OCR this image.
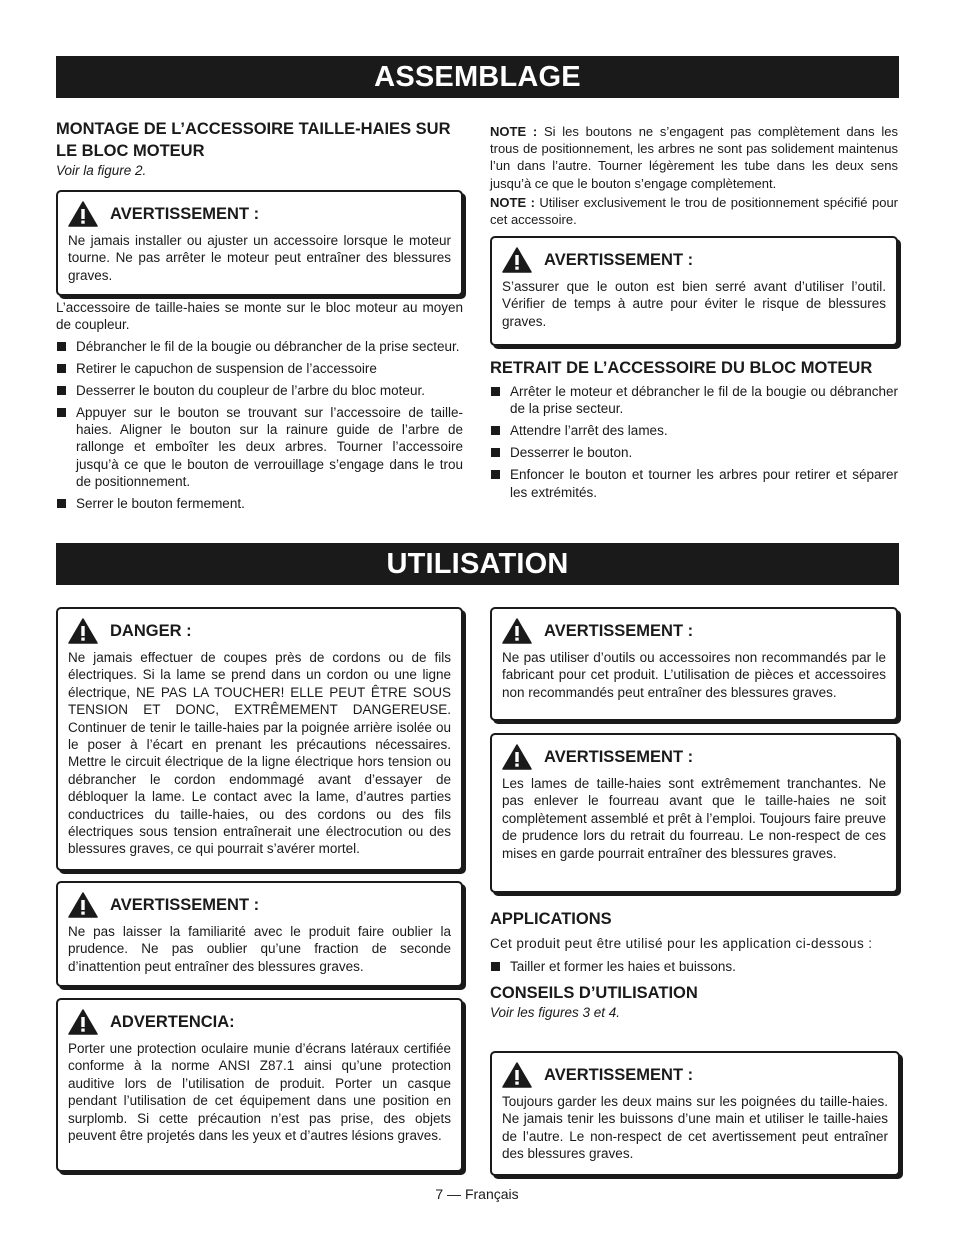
ASSEMBLAGE

MONTAGE DE L’ACCESSOIRE TAILLE-HAIES SUR LE BLOC MOTEUR

Voir la figure 2.

AVERTISSEMENT :

Ne jamais installer ou ajuster un accessoire lorsque le moteur tourne. Ne pas arrêter le moteur peut entraîner des blessures graves.

L’accessoire de taille-haies se monte sur le bloc moteur au moyen de coupleur.

Débrancher le fil de la bougie ou débrancher de la prise secteur.
Retirer le capuchon de suspension de l’accessoire
Desserrer le bouton du coupleur de l’arbre du bloc moteur.
Appuyer sur le bouton se trouvant sur l’accessoire de taille-haies. Aligner le bouton sur la rainure guide de l’arbre de rallonge et emboîter les deux arbres. Tourner l’accessoire jusqu’à ce que le bouton de verrouillage s’engage dans le trou de positionnement.
Serrer le bouton fermement.

NOTE : Si les boutons ne s’engagent pas complètement dans les trous de positionnement, les arbres ne sont pas solidement maintenus l’un dans l’autre. Tourner légèrement les tube dans les deux sens jusqu’à ce que le bouton s’engage complètement.

NOTE : Utiliser exclusivement le trou de positionnement spécifié pour cet accessoire.

AVERTISSEMENT :

S’assurer que le outon est bien serré avant d’utiliser l’outil. Vérifier de temps à autre pour éviter le risque de blessures graves.

RETRAIT DE L’ACCESSOIRE DU BLOC MOTEUR

Arrêter le moteur et débrancher le fil de la bougie ou débrancher de la prise secteur.
Attendre l’arrêt des lames.
Desserrer le bouton.
Enfoncer le bouton et tourner les arbres pour retirer et séparer les extrémités.
UTILISATION
DANGER :

Ne jamais effectuer de coupes près de cordons ou de fils électriques. Si la lame se prend dans un cordon ou une ligne électrique, NE PAS LA TOUCHER! ELLE PEUT ÊTRE SOUS TENSION ET DONC, EXTRÊMEMENT DANGEREUSE. Continuer de tenir le taille-haies par la poignée arrière isolée ou le poser à l’écart en prenant les précautions nécessaires. Mettre le circuit électrique de la ligne électrique hors tension ou débrancher le cordon endommagé avant d’essayer de débloquer la lame. Le contact avec la lame, d’autres parties conductrices du taille-haies, ou des cordons ou des fils électriques sous tension entraînerait une électrocution ou des blessures graves, ce qui pourrait s’avérer mortel.

AVERTISSEMENT :

Ne pas laisser la familiarité avec le produit faire oublier la prudence. Ne pas oublier qu’une fraction de seconde d’inattention peut entraîner des blessures graves.

ADVERTENCIA:

Porter une protection oculaire munie d’écrans latéraux certifiée conforme à la norme ANSI Z87.1 ainsi qu’une protection auditive lors de l’utilisation de produit. Porter un casque pendant l’utilisation de cet équipement dans une position en surplomb. Si cette précaution n’est pas prise, des objets peuvent être projetés dans les yeux et d’autres lésions graves.

AVERTISSEMENT :

Ne pas utiliser d’outils ou accessoires non recommandés par le fabricant pour cet produit. L’utilisation de pièces et accessoires non recommandés peut entraîner des blessures graves.

AVERTISSEMENT :

Les lames de taille-haies sont extrêmement tranchantes. Ne pas enlever le fourreau avant que le taille-haies ne soit complètement assemblé et prêt à l’emploi. Toujours faire preuve de prudence lors du retrait du fourreau. Le non-respect de ces mises en garde pourrait entraîner des blessures graves.

APPLICATIONS

Cet produit peut être utilisé pour les application ci-dessous :

Tailler et former les haies et buissons.

CONSEILS D’UTILISATION

Voir les figures 3 et 4.

AVERTISSEMENT :

Toujours garder les deux mains sur les poignées du taille-haies. Ne jamais tenir les buissons d’une main et utiliser le taille-haies de l’autre. Le non-respect de cet avertissement peut entraîner des blessures graves.

7 — Français
